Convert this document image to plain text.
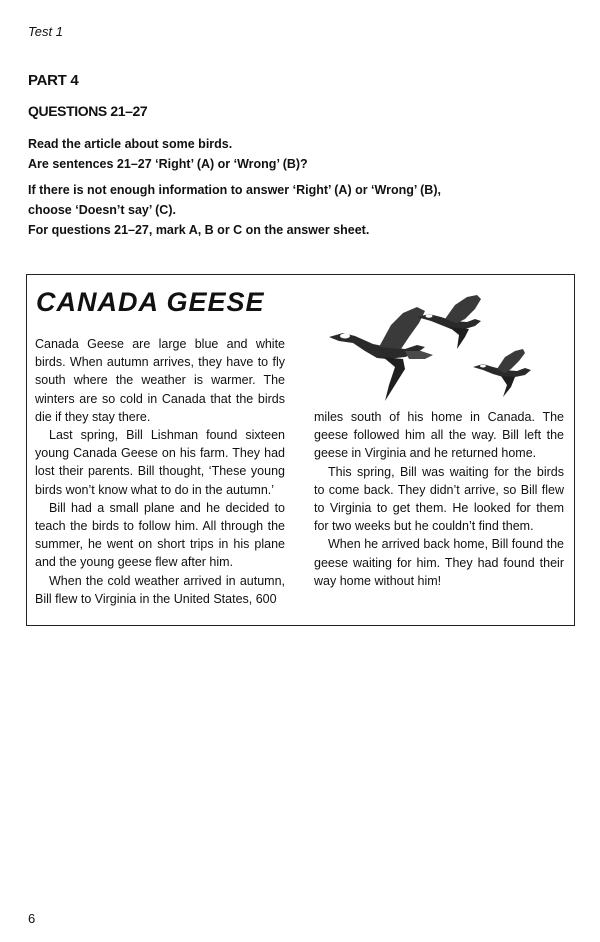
Test 1
PART 4
QUESTIONS 21–27
Read the article about some birds.
Are sentences 21–27 ‘Right’ (A) or ‘Wrong’ (B)?
If there is not enough information to answer ‘Right’ (A) or ‘Wrong’ (B),
choose ‘Doesn’t say’ (C).
For questions 21–27, mark A, B or C on the answer sheet.
CANADA GEESE

Canada Geese are large blue and white birds. When autumn arrives, they have to fly south where the weather is warmer. The winters are so cold in Canada that the birds die if they stay there.

Last spring, Bill Lishman found sixteen young Canada Geese on his farm. They had lost their parents. Bill thought, ‘These young birds won’t know what to do in the autumn.’

Bill had a small plane and he decided to teach the birds to follow him. All through the summer, he went on short trips in his plane and the young geese flew after him.

When the cold weather arrived in autumn, Bill flew to Virginia in the United States, 600

miles south of his home in Canada. The geese followed him all the way. Bill left the geese in Virginia and he returned home.

This spring, Bill was waiting for the birds to come back. They didn’t arrive, so Bill flew to Virginia to get them. He looked for them for two weeks but he couldn’t find them.

When he arrived back home, Bill found the geese waiting for him. They had found their way home without him!

6
